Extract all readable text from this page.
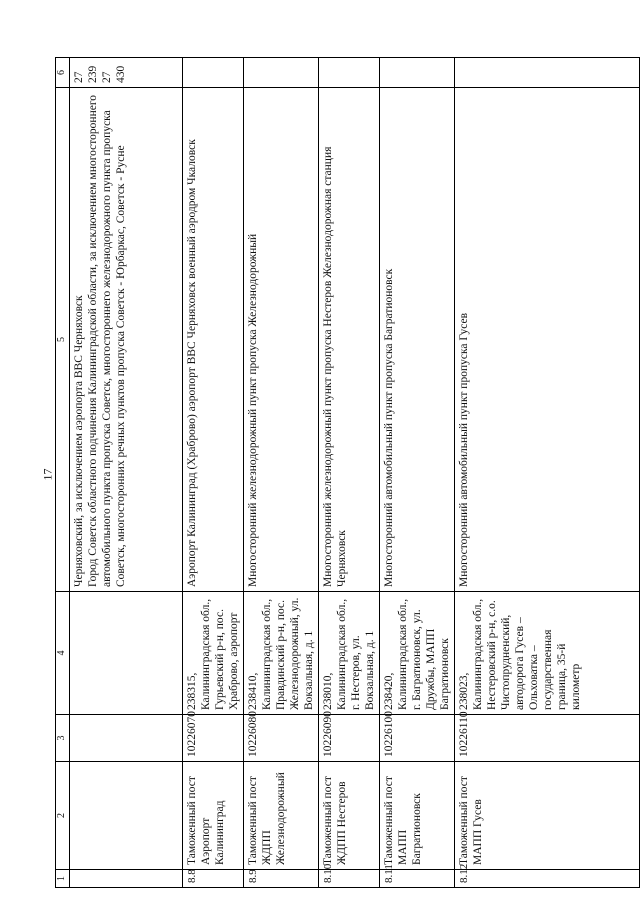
17
1	2	3	4	5	6

				Черняховский, за исключением аэропорта ВВС Черняховск Город Советск областного подчинения Калининградской области, за исключением многостороннего автомобильного пункта пропуска Советск, многостороннего железнодорожного пункта пропуска Советск, многосторонних речных пунктов пропуска Советск - Юрбаркас, Советск - Русне	27 239 27 430

8.8	Таможенный пост Аэропорт Калининград	10226070	238315, Калининградская обл., Гурьевский р-н, пос. Храброво, аэропорт	Аэропорт Калининград (Храброво) аэропорт ВВС Черняховск военный аэродром Чкаловск	
8.9	Таможенный пост ЖДПП Железнодорожный	10226080	238410, Калининградская обл., Правдинский р-н, пос. Железнодорожный, ул. Вокзальная, д. 1	Многосторонний железнодорожный пункт пропуска Железнодорожный	
8.10	Таможенный пост ЖДПП Нестеров	10226090	238010, Калининградская обл., г. Нестеров, ул. Вокзальная, д. 1	Многосторонний железнодорожный пункт пропуска Нестеров Железнодорожная станция Черняховск	
8.11	Таможенный пост МАПП Багратионовск	10226100	238420, Калининградская обл., г. Багратионовск, ул. Дружбы, МАПП Багратионовск	Многосторонний автомобильный пункт пропуска Багратионовск	
8.12	Таможенный пост МАПП Гусев	10226110	238023, Калининградская обл., Нестеровский р-н, с.о. Чистопрудненский, автодорога Гусев – Ольховатка – государственная граница, 35-й километр	Многосторонний автомобильный пункт пропуска Гусев	
